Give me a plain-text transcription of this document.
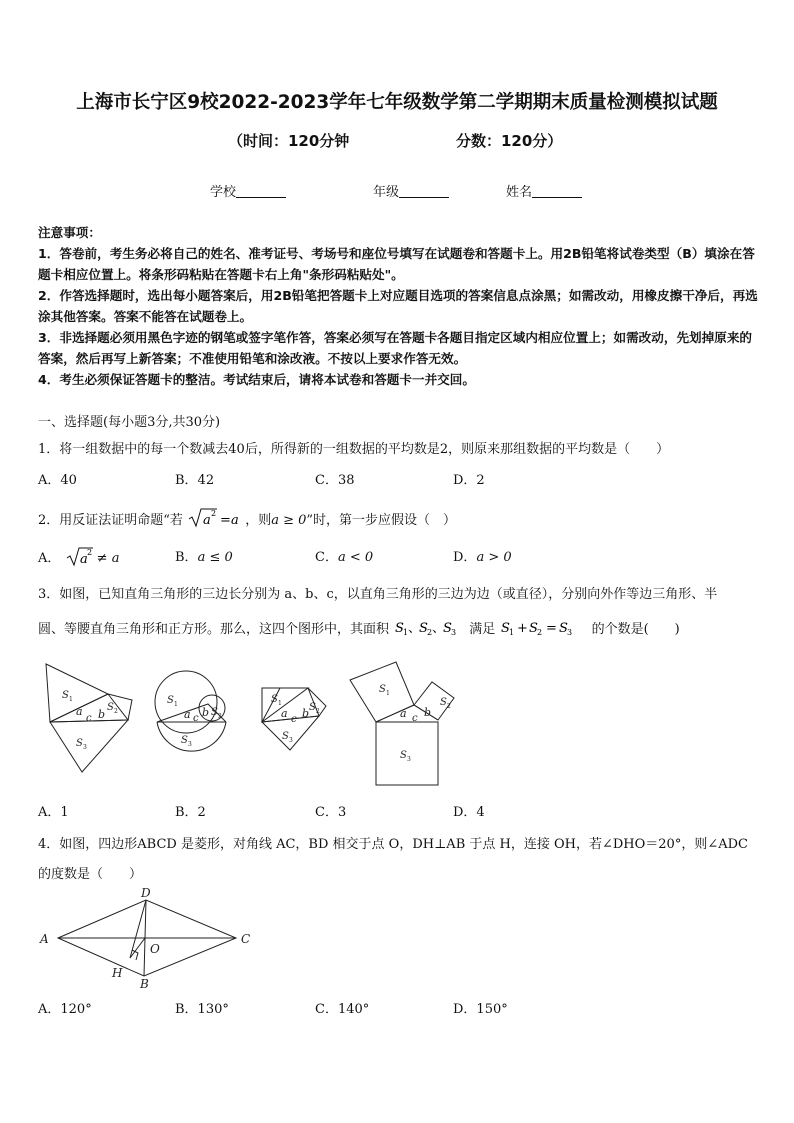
上海市长宁区9校2022-2023学年七年级数学第二学期期末质量检测模拟试题
（时间：120分钟	分数：120分）
学校	年级	姓名
注意事项：
1．答卷前，考生务必将自己的姓名、准考证号、考场号和座位号填写在试题卷和答题卡上。用2B铅笔将试卷类型（B）填涂在答题卡相应位置上。将条形码粘贴在答题卡右上角"条形码粘贴处"。
2．作答选择题时，选出每小题答案后，用2B铅笔把答题卡上对应题目选项的答案信息点涂黑；如需改动，用橡皮擦干净后，再选涂其他答案。答案不能答在试题卷上。
3．非选择题必须用黑色字迹的钢笔或签字笔作答，答案必须写在答题卡各题目指定区域内相应位置上；如需改动，先划掉原来的答案，然后再写上新答案；不准使用铅笔和涂改液。不按以上要求作答无效。
4．考生必须保证答题卡的整洁。考试结束后，请将本试卷和答题卡一并交回。
一、选择题(每小题3分,共30分)
1．将一组数据中的每一个数减去40后，所得新的一组数据的平均数是2，则原来那组数据的平均数是（　　）
A．40	B．42	C．38	D．2
2．用反证法证明命题“若 a 2 = a ，则a ≥ 0”时，第一步应假设（　）
A． a 2 ≠ a	B．a ≤ 0	C．a < 0	D．a > 0
3．如图，已知直角三角形的三边长分别为 a、b、c，以直角三角形的三边为边（或直径），分别向外作等边三角形、半
圆、等腰直角三角形和正方形。那么，这四个图形中，其面积 S 1 、
S 2 、
S 3 满足 S 1 + S 2 = S 3 的个数是(　　)
S 1
S 2
S 3
a
c b
S 1
S 2
S 3
a c b
S 1	S 2
S 3
a c b
S 1
S 2
S 3
a c b
A．1	B．2	C．3	D．4
4．如图，四边形ABCD 是菱形，对角线 AC，BD 相交于点 O，DH⊥AB 于点 H，连接 OH，若∠DHO＝20°，则∠ADC
的度数是（　　）
A
B
C
D
O
H
A．120°	B．130°	C．140°	D．150°
